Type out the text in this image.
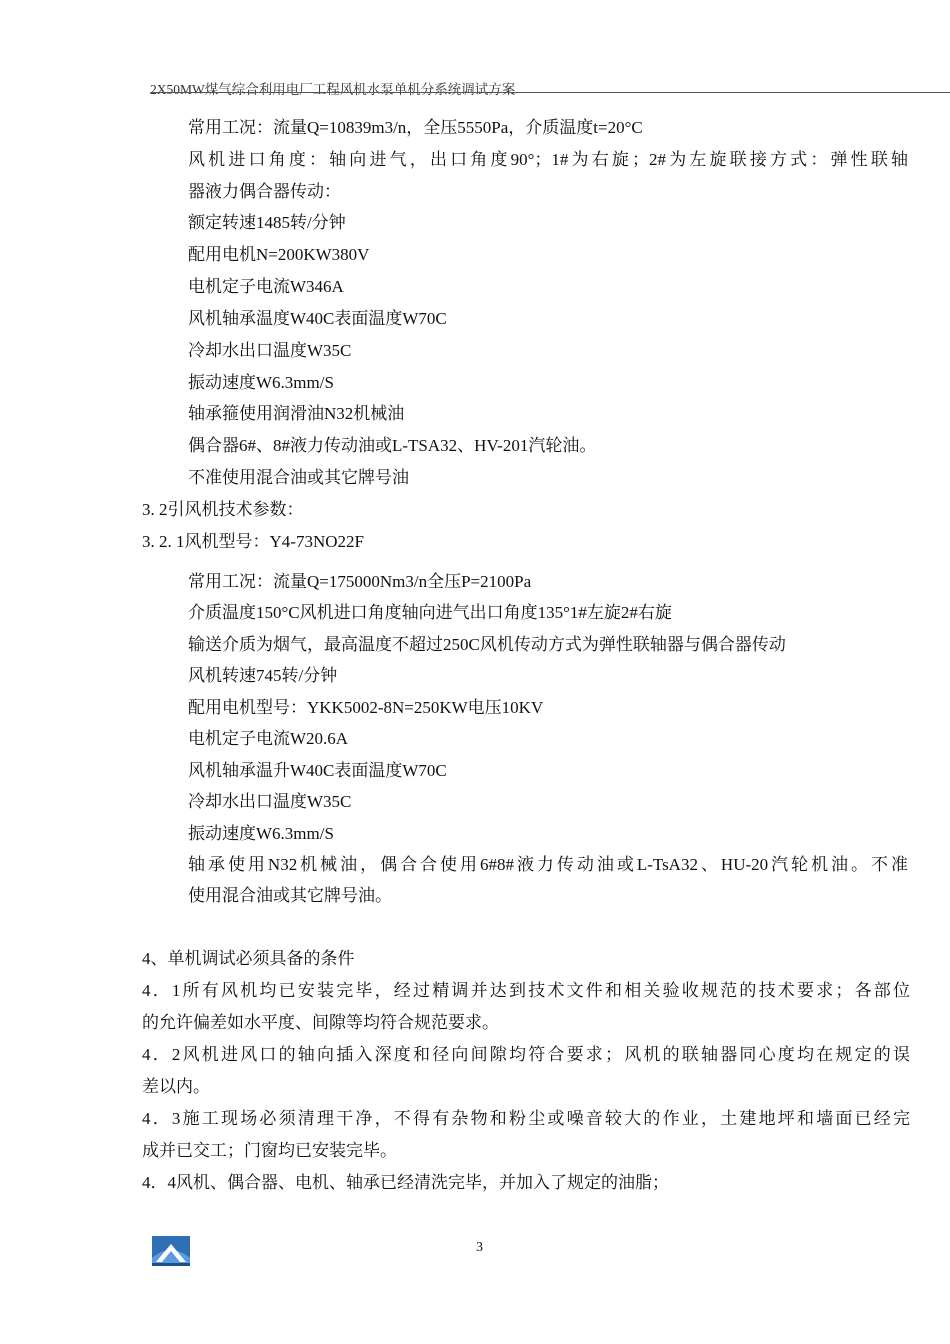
2X50MW煤气综合利用电厂工程风机水泵单机分系统调试方案
常用工况：流量Q=10839m3/n，全压5550Pa，介质温度t=20°C
风机进口角度：轴向进气，出口角度90°；1#为右旋；2#为左旋联接方式：弹性联轴
器液力偶合器传动：
额定转速1485转/分钟
配用电机N=200KW380V
电机定子电流W346A
风机轴承温度W40C表面温度W70C
冷却水出口温度W35C
振动速度W6.3mm/S
轴承箍使用润滑油N32机械油
偶合器6#、8#液力传动油或L-TSA32、HV-201汽轮油。
不准使用混合油或其它牌号油
3. 2引风机技术参数：
3. 2. 1风机型号：Y4-73NO22F
常用工况：流量Q=175000Nm3/n全压P=2100Pa
介质温度150°C风机进口角度轴向进气出口角度135°1#左旋2#右旋
输送介质为烟气，最高温度不超过250C风机传动方式为弹性联轴器与偶合器传动
风机转速745转/分钟
配用电机型号：YKK5002-8N=250KW电压10KV
电机定子电流W20.6A
风机轴承温升W40C表面温度W70C
冷却水出口温度W35C
振动速度W6.3mm/S
轴承使用N32机械油，偶合合使用6#8#液力传动油或L-TsA32、HU-20汽轮机油。不准
使用混合油或其它牌号油。
4、单机调试必须具备的条件
4．1所有风机均已安装完毕，经过精调并达到技术文件和相关验收规范的技术要求；各部位
的允许偏差如水平度、间隙等均符合规范要求。
4．2风机进风口的轴向插入深度和径向间隙均符合要求；风机的联轴器同心度均在规定的误
差以内。
4．3施工现场必须清理干净，不得有杂物和粉尘或噪音较大的作业，土建地坪和墙面已经完
成并已交工；门窗均已安装完毕。
4．4风机、偶合器、电机、轴承已经清洗完毕，并加入了规定的油脂；
3
